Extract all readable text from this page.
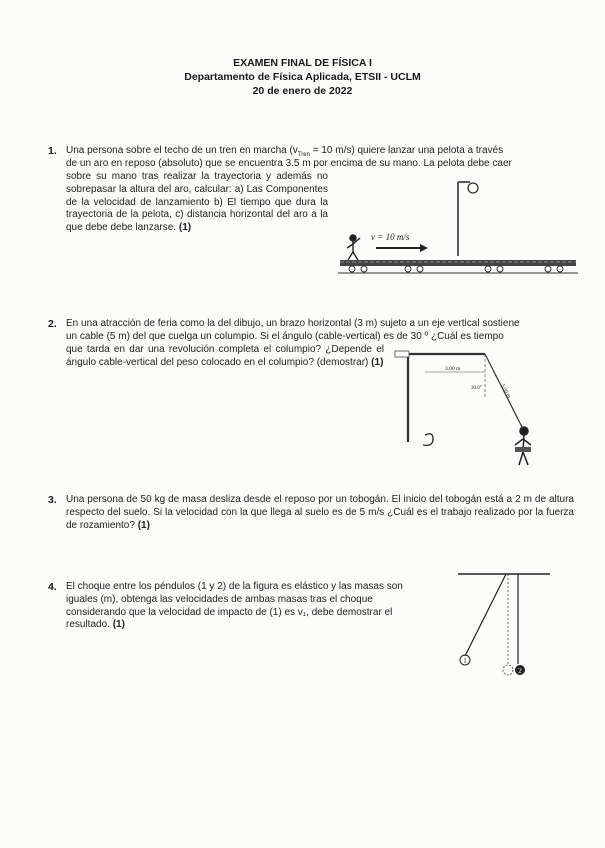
EXAMEN FINAL DE FÍSICA I
Departamento de Física Aplicada, ETSII - UCLM
20 de enero de 2022
1. Una persona sobre el techo de un tren en marcha ($v_{Tren} = 10$ m/s) quiere lanzar una pelota a través
de un aro en reposo (absoluto) que se encuentra 3.5 m por encima de su mano. La pelota debe caer
sobre su mano tras realizar la trayectoria y además no sobrepasar la altura del aro, calcular: a) Las Componentes de la velocidad de lanzamiento b) El tiempo que dura la trayectoria de la pelota, c) distancia horizontal del aro a la que debe debe lanzarse. (1)
v = 10 m/s
2. En una atracción de feria como la del dibujo, un brazo horizontal (3 m) sujeto a un eje vertical sostiene
un cable (5 m) del que cuelga un columpio. Si el ángulo (cable-vertical) es de 30 º ¿Cuál es tiempo
que tarda en dar una revolución completa el columpio? ¿Depende el ángulo cable-vertical del peso colocado en el columpio? (demostrar) (1)
3.00 m
30.0°	5.00 m
3. Una persona de 50 kg de masa desliza desde el reposo por un tobogán. El inicio del tobogán está a 2 m de altura respecto del suelo. Si la velocidad con la que llega al suelo es de 5 m/s ¿Cuál es el trabajo realizado por la fuerza de rozamiento? (1)
4. El choque entre los péndulos (1 y 2) de la figura es elástico y las masas son iguales (m), obtenga las velocidades de ambas masas tras el choque considerando que la velocidad de impacto de (1) es v₁, debe demostrar el resultado. (1)
1
2
